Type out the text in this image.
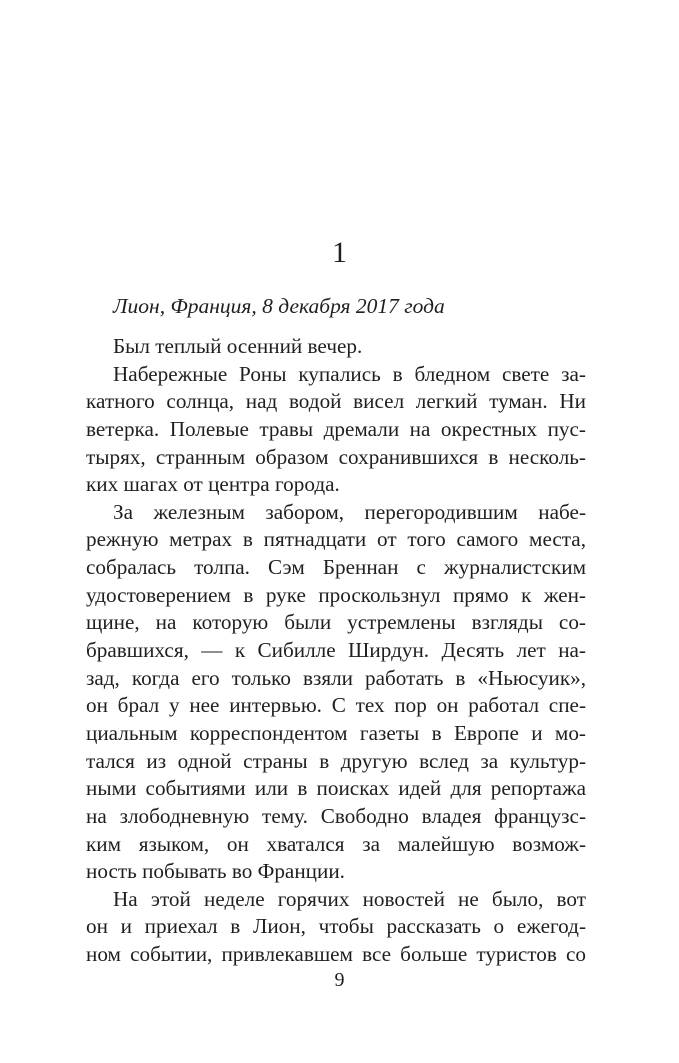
1
Лион, Франция, 8 декабря 2017 года
Был теплый осенний вечер.
Набережные Роны купались в бледном свете за-
катного солнца, над водой висел легкий туман. Ни
ветерка. Полевые травы дремали на окрестных пус-
тырях, странным образом сохранившихся в несколь-
ких шагах от центра города.
За железным забором, перегородившим набе-
режную метрах в пятнадцати от того самого места,
собралась толпа. Сэм Бреннан с журналистским
удостоверением в руке проскользнул прямо к жен-
щине, на которую были устремлены взгляды со-
бравшихся, — к Сибилле Ширдун. Десять лет на-
зад, когда его только взяли работать в «Ньюсуик»,
он брал у нее интервью. С тех пор он работал спе-
циальным корреспондентом газеты в Европе и мо-
тался из одной страны в другую вслед за культур-
ными событиями или в поисках идей для репортажа
на злободневную тему. Свободно владея французс-
ким языком, он хватался за малейшую возмож-
ность побывать во Франции.
На этой неделе горячих новостей не было, вот
он и приехал в Лион, чтобы рассказать о ежегод-
ном событии, привлекавшем все больше туристов со
9
